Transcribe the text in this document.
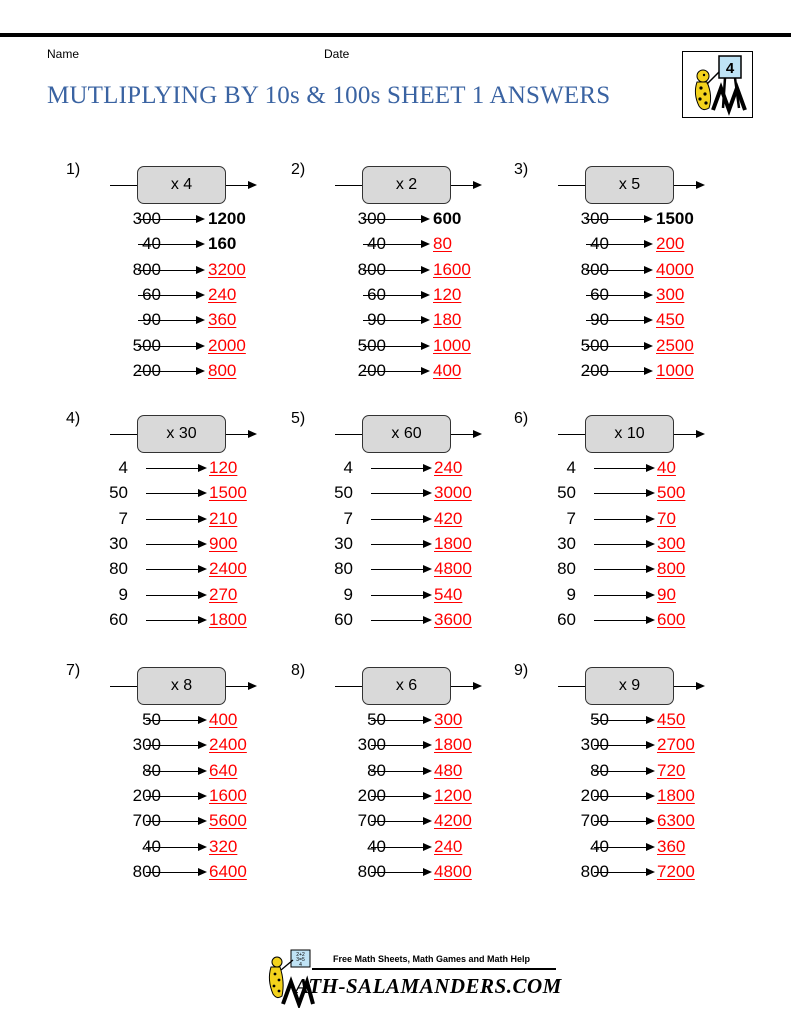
Name	Date
MUTLIPLYING BY 10s & 100s SHEET 1 ANSWERS
4
1)
x 4
300	1200
40	160
800	3200
60	240
90	360
500	2000
200	800
2)
x 2
300	600
40	80
800	1600
60	120
90	180
500	1000
200	400
3)
x 5
300	1500
40	200
800	4000
60	300
90	450
500	2500
200	1000
4)
x 30
4	120
50	1500
7	210
30	900
80	2400
9	270
60	1800
5)
x 60
4	240
50	3000
7	420
30	1800
80	4800
9	540
60	3600
6)
x 10
4	40
50	500
7	70
30	300
80	800
9	90
60	600
7)
x 8
50	400
300	2400
80	640
200	1600
700	5600
40	320
800	6400
8)
x 6
50	300
300	1800
80	480
200	1200
700	4200
40	240
800	4800
9)
x 9
50	450
300	2700
80	720
200	1800
700	6300
40	360
800	7200
2+2
3=5
4
Free Math Sheets, Math Games and Math Help
ATH-SALAMANDERS.COM
